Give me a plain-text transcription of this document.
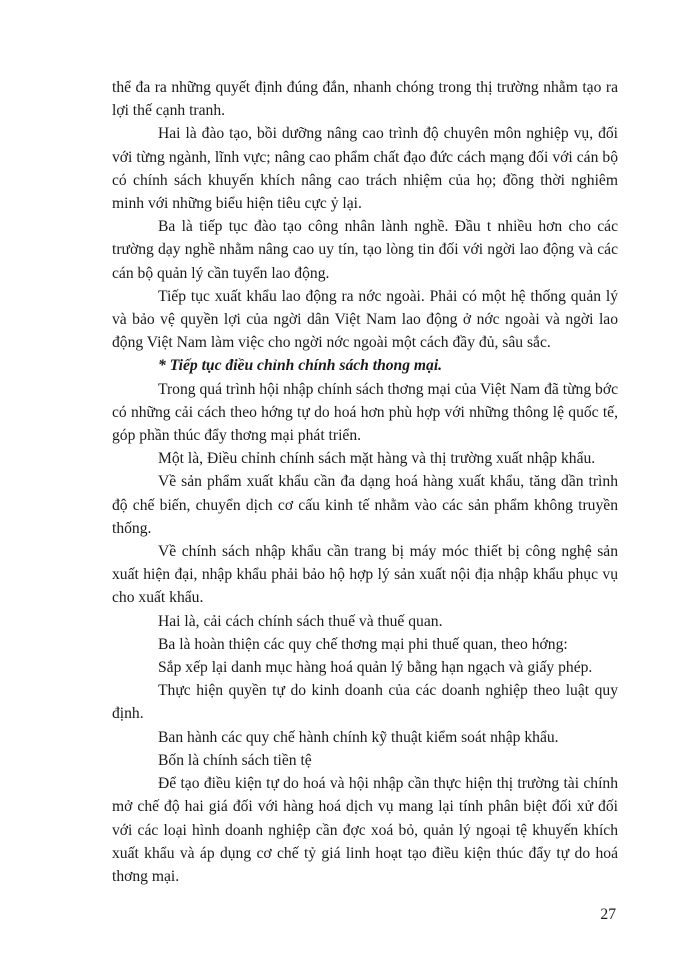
thể đa ra những quyết định đúng đắn, nhanh chóng trong thị trường nhằm tạo ra lợi thế cạnh tranh.

Hai là đào tạo, bồi dưỡng nâng cao trình độ chuyên môn nghiệp vụ, đối với từng ngành, lĩnh vực; nâng cao phẩm chất đạo đức cách mạng đối với cán bộ có chính sách khuyến khích nâng cao trách nhiệm của họ; đồng thời nghiêm minh với những biểu hiện tiêu cực ỷ lại.

Ba là tiếp tục đào tạo công nhân lành nghề. Đầu t nhiều hơn cho các trường dạy nghề nhằm nâng cao uy tín, tạo lòng tin đối với ngời lao động và các cán bộ quản lý cần tuyển lao động.

Tiếp tục xuất khẩu lao động ra nớc ngoài. Phải có một hệ thống quản lý và bảo vệ quyền lợi của ngời dân Việt Nam lao động ở nớc ngoài và ngời lao động Việt Nam làm việc cho ngời nớc ngoài một cách đầy đủ, sâu sắc.

* Tiếp tục điều chỉnh chính sách thong mại.

Trong quá trình hội nhập chính sách thơng mại của Việt Nam đã từng bớc có những cải cách theo hớng tự do hoá hơn phù hợp với những thông lệ quốc tế, góp phần thúc đẩy thơng mại phát triển.

Một là, Điều chỉnh chính sách mặt hàng và thị trường xuất nhập khẩu.

Về sản phẩm xuất khẩu cần đa dạng hoá hàng xuất khẩu, tăng dần trình độ chế biến, chuyển dịch cơ cấu kinh tế nhằm vào các sản phẩm không truyền thống.

Về chính sách nhập khẩu cần trang bị máy móc thiết bị công nghệ sản xuất hiện đại, nhập khẩu phải bảo hộ hợp lý sản xuất nội địa nhập khẩu phục vụ cho xuất khẩu.

Hai là, cải cách chính sách thuế và thuế quan.

Ba là hoàn thiện các quy chế thơng mại phi thuế quan, theo hớng:

Sắp xếp lại danh mục hàng hoá quản lý bằng hạn ngạch và giấy phép.

Thực hiện quyền tự do kinh doanh của các doanh nghiệp theo luật quy định.

Ban hành các quy chế hành chính kỹ thuật kiểm soát nhập khẩu.

Bốn là chính sách tiền tệ

Để tạo điều kiện tự do hoá và hội nhập cần thực hiện thị trường tài chính mở chế độ hai giá đối với hàng hoá dịch vụ mang lại tính phân biệt đối xử đối với các loại hình doanh nghiệp cần đợc xoá bỏ, quản lý ngoại tệ khuyến khích xuất khẩu và áp dụng cơ chế tỷ giá linh hoạt tạo điều kiện thúc đẩy tự do hoá thơng mại.

27
